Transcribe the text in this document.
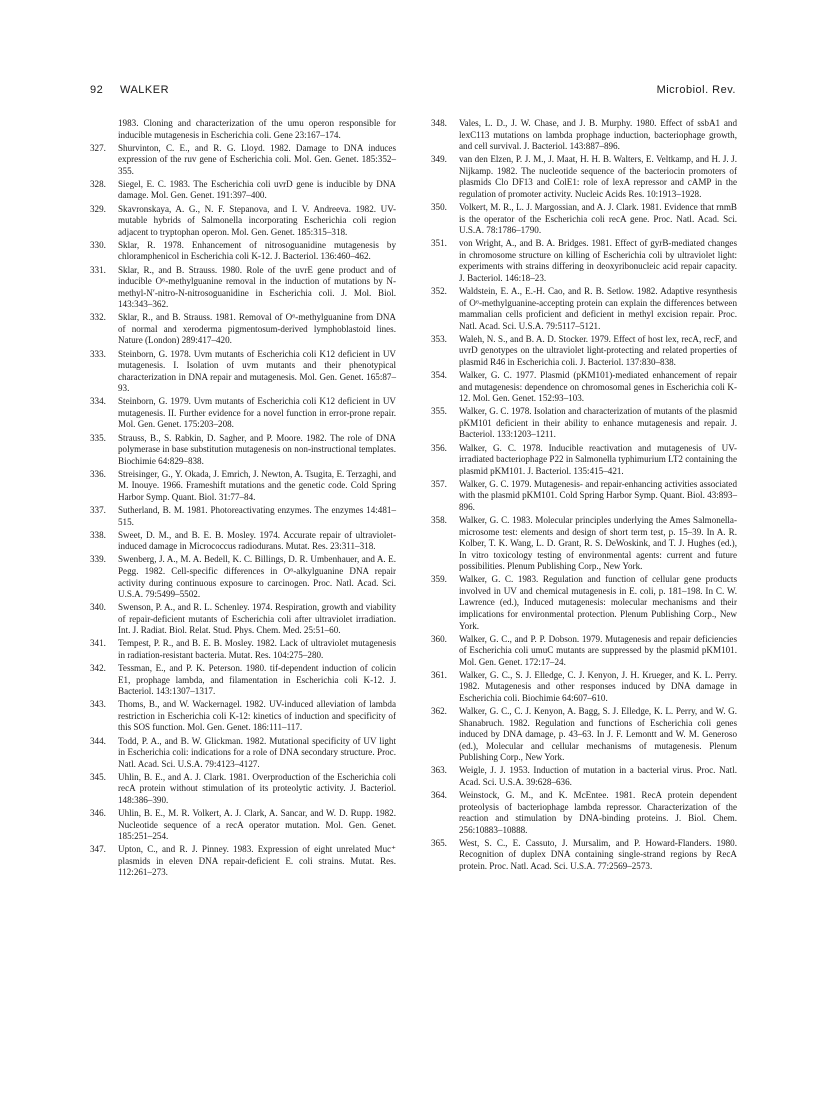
92 WALKER	Microbiol. Rev.
1983. Cloning and characterization of the umu operon responsible for inducible mutagenesis in Escherichia coli. Gene 23:167–174.
327. Shurvinton, C. E., and R. G. Lloyd. 1982. Damage to DNA induces expression of the ruv gene of Escherichia coli. Mol. Gen. Genet. 185:352–355.
328. Siegel, E. C. 1983. The Escherichia coli uvrD gene is inducible by DNA damage. Mol. Gen. Genet. 191:397–400.
329. Skavronskaya, A. G., N. F. Stepanova, and I. V. Andreeva. 1982. UV-mutable hybrids of Salmonella incorporating Escherichia coli region adjacent to tryptophan operon. Mol. Gen. Genet. 185:315–318.
330. Sklar, R. 1978. Enhancement of nitrosoguanidine mutagenesis by chloramphenicol in Escherichia coli K-12. J. Bacteriol. 136:460–462.
331. Sklar, R., and B. Strauss. 1980. Role of the uvrE gene product and of inducible O⁶-methylguanine removal in the induction of mutations by N-methyl-N′-nitro-N-nitrosoguanidine in Escherichia coli. J. Mol. Biol. 143:343–362.
332. Sklar, R., and B. Strauss. 1981. Removal of O⁶-methylguanine from DNA of normal and xeroderma pigmentosum-derived lymphoblastoid lines. Nature (London) 289:417–420.
333. Steinborn, G. 1978. Uvm mutants of Escherichia coli K12 deficient in UV mutagenesis. I. Isolation of uvm mutants and their phenotypical characterization in DNA repair and mutagenesis. Mol. Gen. Genet. 165:87–93.
334. Steinborn, G. 1979. Uvm mutants of Escherichia coli K12 deficient in UV mutagenesis. II. Further evidence for a novel function in error-prone repair. Mol. Gen. Genet. 175:203–208.
335. Strauss, B., S. Rabkin, D. Sagher, and P. Moore. 1982. The role of DNA polymerase in base substitution mutagenesis on non-instructional templates. Biochimie 64:829–838.
336. Streisinger, G., Y. Okada, J. Emrich, J. Newton, A. Tsugita, E. Terzaghi, and M. Inouye. 1966. Frameshift mutations and the genetic code. Cold Spring Harbor Symp. Quant. Biol. 31:77–84.
337. Sutherland, B. M. 1981. Photoreactivating enzymes. The enzymes 14:481–515.
338. Sweet, D. M., and B. E. B. Mosley. 1974. Accurate repair of ultraviolet-induced damage in Micrococcus radiodurans. Mutat. Res. 23:311–318.
339. Swenberg, J. A., M. A. Bedell, K. C. Billings, D. R. Umbenhauer, and A. E. Pegg. 1982. Cell-specific differences in O⁶-alkylguanine DNA repair activity during continuous exposure to carcinogen. Proc. Natl. Acad. Sci. U.S.A. 79:5499–5502.
340. Swenson, P. A., and R. L. Schenley. 1974. Respiration, growth and viability of repair-deficient mutants of Escherichia coli after ultraviolet irradiation. Int. J. Radiat. Biol. Relat. Stud. Phys. Chem. Med. 25:51–60.
341. Tempest, P. R., and B. E. B. Mosley. 1982. Lack of ultraviolet mutagenesis in radiation-resistant bacteria. Mutat. Res. 104:275–280.
342. Tessman, E., and P. K. Peterson. 1980. tif-dependent induction of colicin E1, prophage lambda, and filamentation in Escherichia coli K-12. J. Bacteriol. 143:1307–1317.
343. Thoms, B., and W. Wackernagel. 1982. UV-induced alleviation of lambda restriction in Escherichia coli K-12: kinetics of induction and specificity of this SOS function. Mol. Gen. Genet. 186:111–117.
344. Todd, P. A., and B. W. Glickman. 1982. Mutational specificity of UV light in Escherichia coli: indications for a role of DNA secondary structure. Proc. Natl. Acad. Sci. U.S.A. 79:4123–4127.
345. Uhlin, B. E., and A. J. Clark. 1981. Overproduction of the Escherichia coli recA protein without stimulation of its proteolytic activity. J. Bacteriol. 148:386–390.
346. Uhlin, B. E., M. R. Volkert, A. J. Clark, A. Sancar, and W. D. Rupp. 1982. Nucleotide sequence of a recA operator mutation. Mol. Gen. Genet. 185:251–254.
347. Upton, C., and R. J. Pinney. 1983. Expression of eight unrelated Muc⁺ plasmids in eleven DNA repair-deficient E. coli strains. Mutat. Res. 112:261–273.
348. Vales, L. D., J. W. Chase, and J. B. Murphy. 1980. Effect of ssbA1 and lexC113 mutations on lambda prophage induction, bacteriophage growth, and cell survival. J. Bacteriol. 143:887–896.
349. van den Elzen, P. J. M., J. Maat, H. H. B. Walters, E. Veltkamp, and H. J. J. Nijkamp. 1982. The nucleotide sequence of the bacteriocin promoters of plasmids Clo DF13 and ColE1: role of lexA repressor and cAMP in the regulation of promoter activity. Nucleic Acids Res. 10:1913–1928.
350. Volkert, M. R., L. J. Margossian, and A. J. Clark. 1981. Evidence that rnmB is the operator of the Escherichia coli recA gene. Proc. Natl. Acad. Sci. U.S.A. 78:1786–1790.
351. von Wright, A., and B. A. Bridges. 1981. Effect of gyrB-mediated changes in chromosome structure on killing of Escherichia coli by ultraviolet light: experiments with strains differing in deoxyribonucleic acid repair capacity. J. Bacteriol. 146:18–23.
352. Waldstein, E. A., E.-H. Cao, and R. B. Setlow. 1982. Adaptive resynthesis of O⁶-methylguanine-accepting protein can explain the differences between mammalian cells proficient and deficient in methyl excision repair. Proc. Natl. Acad. Sci. U.S.A. 79:5117–5121.
353. Waleh, N. S., and B. A. D. Stocker. 1979. Effect of host lex, recA, recF, and uvrD genotypes on the ultraviolet light-protecting and related properties of plasmid R46 in Escherichia coli. J. Bacteriol. 137:830–838.
354. Walker, G. C. 1977. Plasmid (pKM101)-mediated enhancement of repair and mutagenesis: dependence on chromosomal genes in Escherichia coli K-12. Mol. Gen. Genet. 152:93–103.
355. Walker, G. C. 1978. Isolation and characterization of mutants of the plasmid pKM101 deficient in their ability to enhance mutagenesis and repair. J. Bacteriol. 133:1203–1211.
356. Walker, G. C. 1978. Inducible reactivation and mutagenesis of UV-irradiated bacteriophage P22 in Salmonella typhimurium LT2 containing the plasmid pKM101. J. Bacteriol. 135:415–421.
357. Walker, G. C. 1979. Mutagenesis- and repair-enhancing activities associated with the plasmid pKM101. Cold Spring Harbor Symp. Quant. Biol. 43:893–896.
358. Walker, G. C. 1983. Molecular principles underlying the Ames Salmonella-microsome test: elements and design of short term test, p. 15–39. In A. R. Kolber, T. K. Wang, L. D. Grant, R. S. DeWoskink, and T. J. Hughes (ed.), In vitro toxicology testing of environmental agents: current and future possibilities. Plenum Publishing Corp., New York.
359. Walker, G. C. 1983. Regulation and function of cellular gene products involved in UV and chemical mutagenesis in E. coli, p. 181–198. In C. W. Lawrence (ed.), Induced mutagenesis: molecular mechanisms and their implications for environmental protection. Plenum Publishing Corp., New York.
360. Walker, G. C., and P. P. Dobson. 1979. Mutagenesis and repair deficiencies of Escherichia coli umuC mutants are suppressed by the plasmid pKM101. Mol. Gen. Genet. 172:17–24.
361. Walker, G. C., S. J. Elledge, C. J. Kenyon, J. H. Krueger, and K. L. Perry. 1982. Mutagenesis and other responses induced by DNA damage in Escherichia coli. Biochimie 64:607–610.
362. Walker, G. C., C. J. Kenyon, A. Bagg, S. J. Elledge, K. L. Perry, and W. G. Shanabruch. 1982. Regulation and functions of Escherichia coli genes induced by DNA damage, p. 43–63. In J. F. Lemontt and W. M. Generoso (ed.), Molecular and cellular mechanisms of mutagenesis. Plenum Publishing Corp., New York.
363. Weigle, J. J. 1953. Induction of mutation in a bacterial virus. Proc. Natl. Acad. Sci. U.S.A. 39:628–636.
364. Weinstock, G. M., and K. McEntee. 1981. RecA protein dependent proteolysis of bacteriophage lambda repressor. Characterization of the reaction and stimulation by DNA-binding proteins. J. Biol. Chem. 256:10883–10888.
365. West, S. C., E. Cassuto, J. Mursalim, and P. Howard-Flanders. 1980. Recognition of duplex DNA containing single-strand regions by RecA protein. Proc. Natl. Acad. Sci. U.S.A. 77:2569–2573.
